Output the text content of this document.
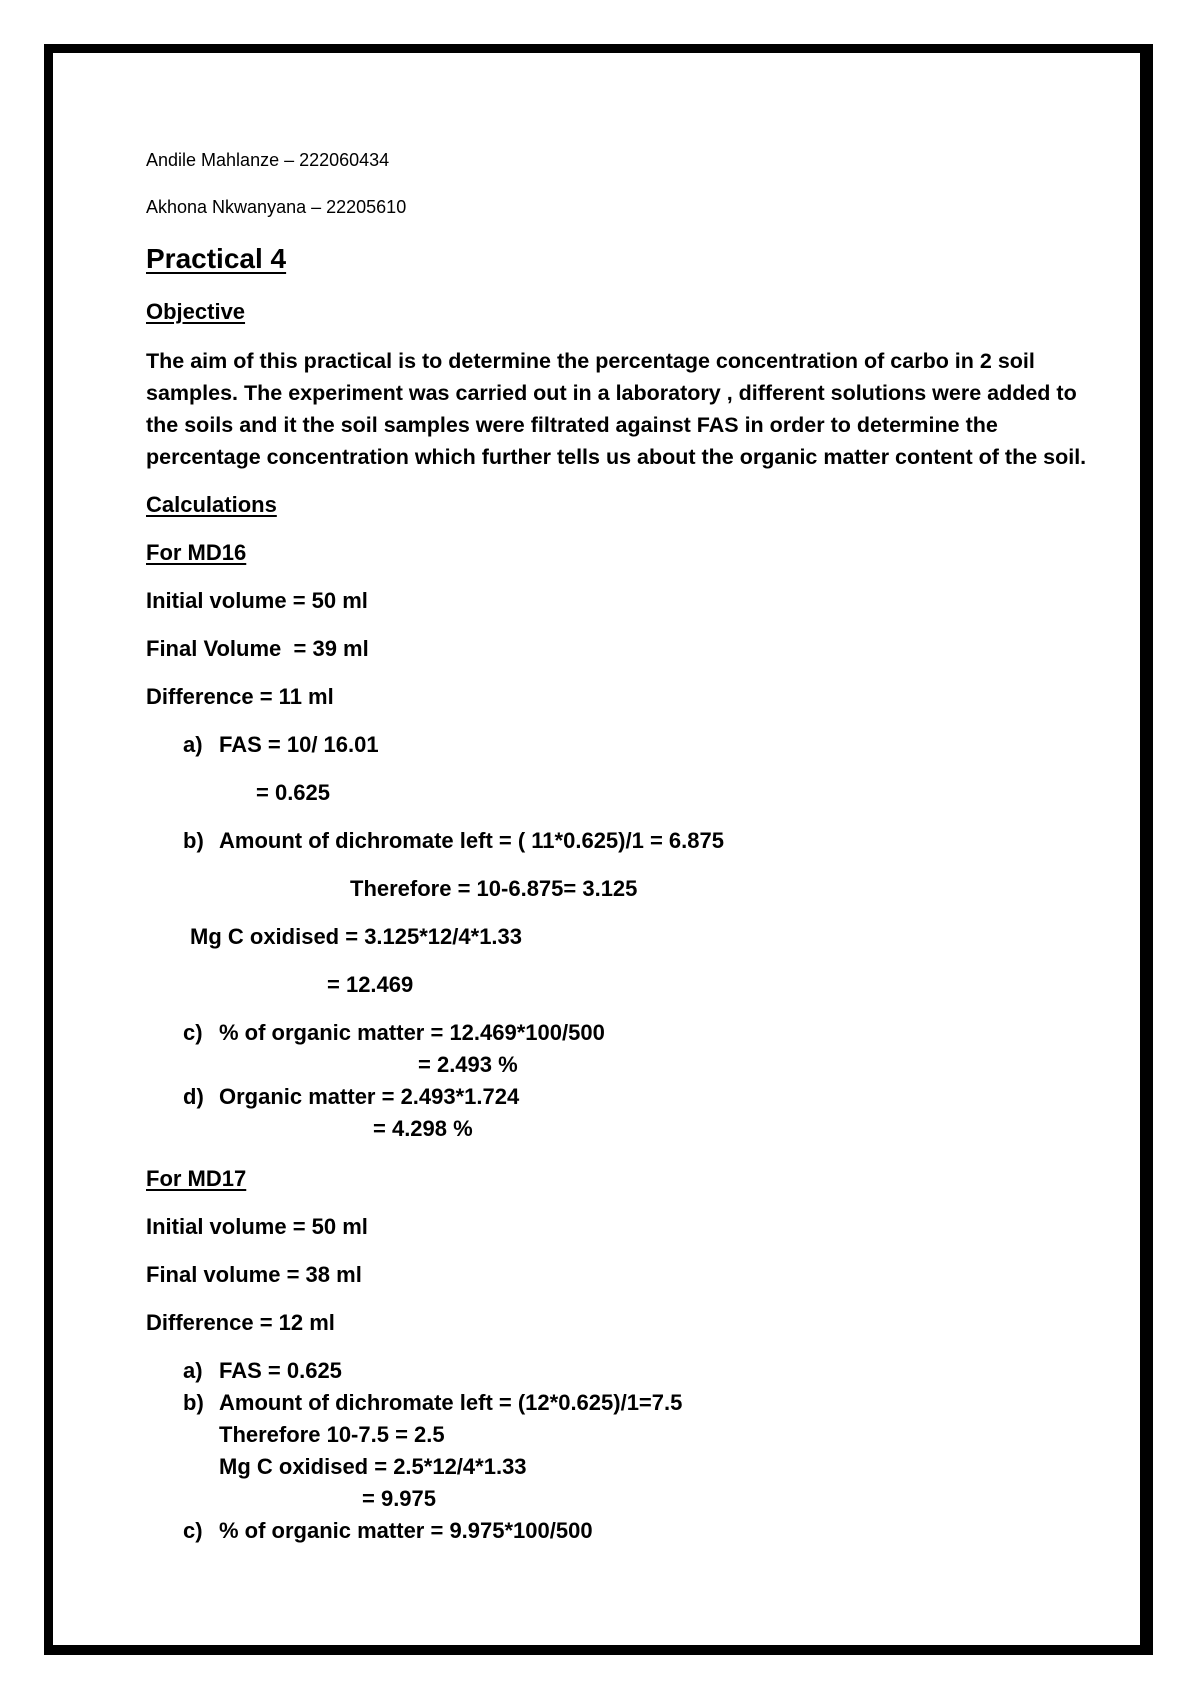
Andile Mahlanze – 222060434
Akhona Nkwanyana – 22205610
Practical 4
Objective
The aim of this practical is to determine the percentage concentration of carbo in 2 soil
samples. The experiment was carried out in a laboratory , different solutions were added to
the soils and it the soil samples were filtrated against FAS in order to determine the
percentage concentration which further tells us about the organic matter content of the soil.
Calculations
For MD16
Initial volume = 50 ml
Final Volume  = 39 ml
Difference = 11 ml
a) FAS = 10/ 16.01
= 0.625
b) Amount of dichromate left = ( 11*0.625)/1 = 6.875
Therefore = 10-6.875= 3.125
Mg C oxidised = 3.125*12/4*1.33
= 12.469
c) % of organic matter = 12.469*100/500
= 2.493 %
d) Organic matter = 2.493*1.724
= 4.298 %
For MD17
Initial volume = 50 ml
Final volume = 38 ml
Difference = 12 ml
a) FAS = 0.625
b) Amount of dichromate left = (12*0.625)/1=7.5
Therefore 10-7.5 = 2.5
Mg C oxidised = 2.5*12/4*1.33
= 9.975
c) % of organic matter = 9.975*100/500
